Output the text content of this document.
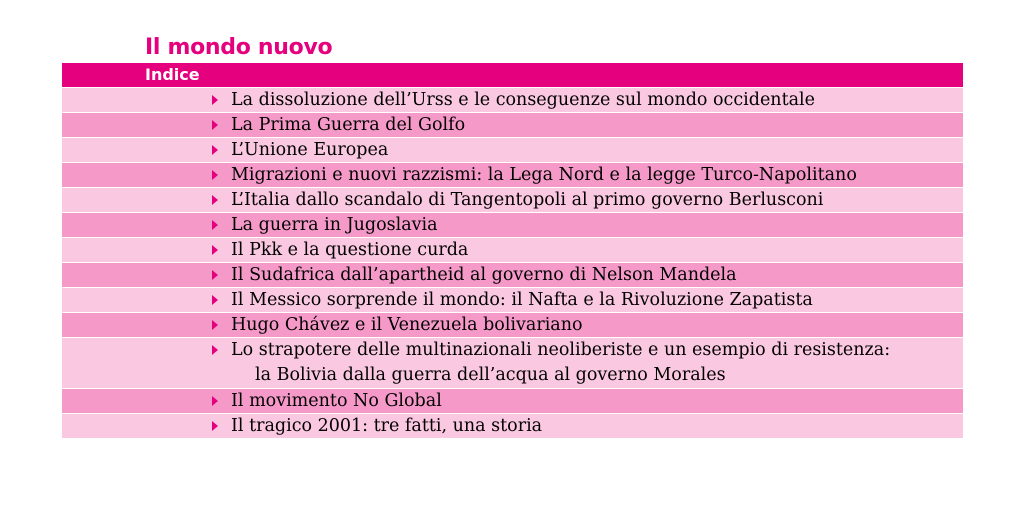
Il mondo nuovo
Indice
La dissoluzione dell’Urss e le conseguenze sul mondo occidentale
La Prima Guerra del Golfo
L’Unione Europea
Migrazioni e nuovi razzismi: la Lega Nord e la legge Turco-Napolitano
L’Italia dallo scandalo di Tangentopoli al primo governo Berlusconi
La guerra in Jugoslavia
Il Pkk e la questione curda
Il Sudafrica dall’apartheid al governo di Nelson Mandela
Il Messico sorprende il mondo: il Nafta e la Rivoluzione Zapatista
Hugo Chávez e il Venezuela bolivariano
Lo strapotere delle multinazionali neoliberiste e un esempio di resistenza:
la Bolivia dalla guerra dell’acqua al governo Morales
Il movimento No Global
Il tragico 2001: tre fatti, una storia
